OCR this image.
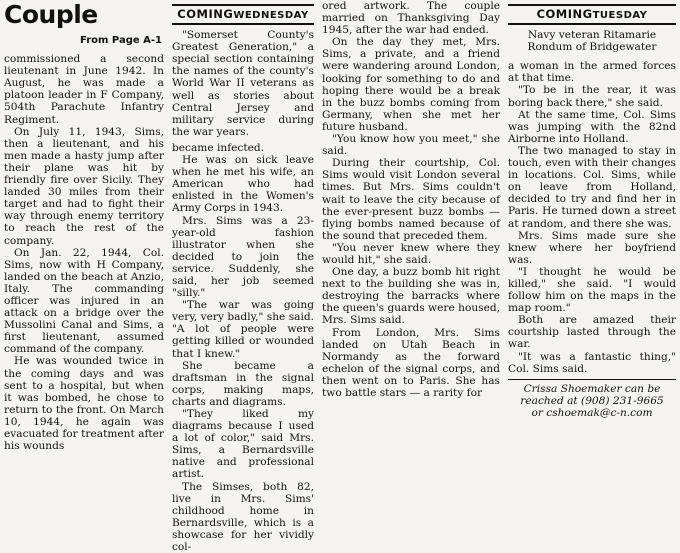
Couple
From Page A-1

commissioned a second lieutenant in June 1942. In August, he was made a platoon leader in F Company, 504th Parachute Infantry Regiment.

On July 11, 1943, Sims, then a lieutenant, and his men made a hasty jump after their plane was hit by friendly fire over Sicily. They landed 30 miles from their target and had to fight their way through enemy territory to reach the rest of the company.

On Jan. 22, 1944, Col. Sims, now with H Company, landed on the beach at Anzio, Italy. The commanding officer was injured in an attack on a bridge over the Mussolini Canal and Sims, a first lieutenant, assumed command of the company.

He was wounded twice in the coming days and was sent to a hospital, but when it was bombed, he chose to return to the front. On March 10, 1944, he again was evacuated for treatment after his wounds

COMINGWEDNESDAY

"Somerset County's Greatest Generation," a special section containing the names of the county's World War II veterans as well as stories about Central Jersey and military service during the war years.

became infected.

He was on sick leave when he met his wife, an American who had enlisted in the Women's Army Corps in 1943.

Mrs. Sims was a 23-year-old fashion illustrator when she decided to join the service. Suddenly, she said, her job seemed "silly."

"The war was going very, very badly," she said. "A lot of people were getting killed or wounded that I knew."

She became a draftsman in the signal corps, making maps, charts and diagrams.

"They liked my diagrams because I used a lot of color," said Mrs. Sims, a Bernardsville native and professional artist.

The Simses, both 82, live in Mrs. Sims' childhood home in Bernardsville, which is a showcase for her vividly col-

ored artwork. The couple married on Thanksgiving Day 1945, after the war had ended.

On the day they met, Mrs. Sims, a private, and a friend were wandering around London, looking for something to do and hoping there would be a break in the buzz bombs coming from Germany, when she met her future husband.

"You know how you meet," she said.

During their courtship, Col. Sims would visit London several times. But Mrs. Sims couldn't wait to leave the city because of the ever-present buzz bombs — flying bombs named because of the sound that preceded them.

"You never knew where they would hit," she said.

One day, a buzz bomb hit right next to the building she was in, destroying the barracks where the queen's guards were housed, Mrs. Sims said.

From London, Mrs. Sims landed on Utah Beach in Normandy as the forward echelon of the signal corps, and then went on to Paris. She has two battle stars — a rarity for

COMINGTUESDAY

Navy veteran Ritamarie

Rondum of Bridgewater

a woman in the armed forces at that time.

"To be in the rear, it was boring back there," she said.

At the same time, Col. Sims was jumping with the 82nd Airborne into Holland.

The two managed to stay in touch, even with their changes in locations. Col. Sims, while on leave from Holland, decided to try and find her in Paris. He turned down a street at random, and there she was.

Mrs. Sims made sure she knew where her boyfriend was.

"I thought he would be killed," she said. "I would follow him on the maps in the map room."

Both are amazed their courtship lasted through the war.

"It was a fantastic thing," Col. Sims said.

Crissa Shoemaker can be
reached at (908) 231-9665
or cshoemak@c-n.com
